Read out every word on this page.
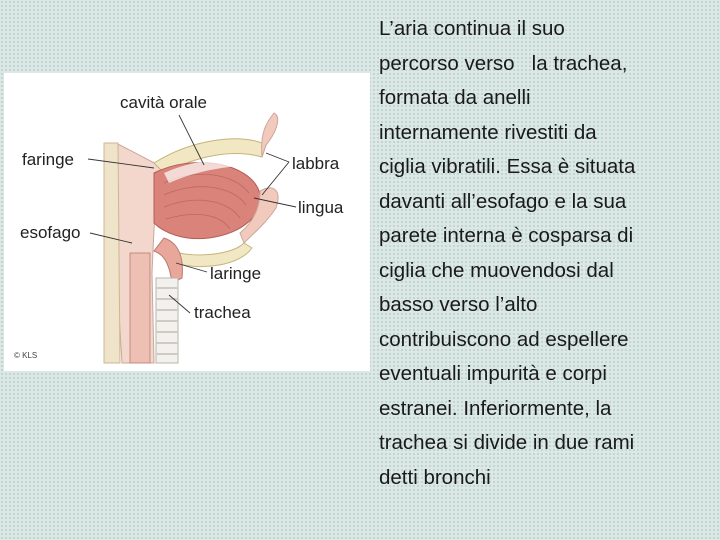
cavità orale
faringe	labbra
lingua
esofago
laringe
trachea
© KLS
L’aria continua il suo
percorso verso   la trachea,
formata da anelli
internamente rivestiti da
ciglia vibratili. Essa è situata
davanti all’esofago e la sua
parete interna è cosparsa di
ciglia che muovendosi dal
basso verso l’alto
contribuiscono ad espellere
eventuali impurità e corpi
estranei. Inferiormente, la
trachea si divide in due rami
detti bronchi
